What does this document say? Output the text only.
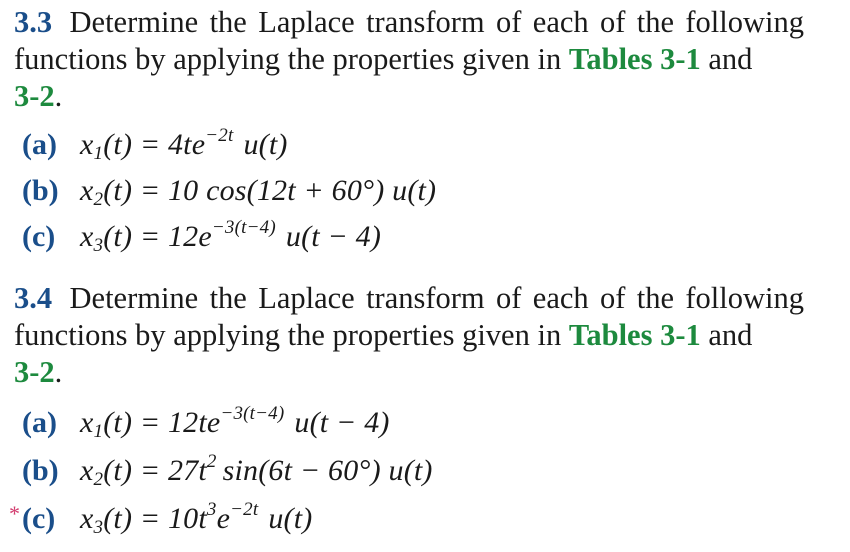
3.3 Determine the Laplace transform of each of the following functions by applying the properties given in Tables 3-1 and
3-2.
(a) $x_1(t) = 4te^{-2t}$ u(t)
(b) $x_2(t) = 10$ cos(12t + 60°) u(t)
(c) $x_3(t) = 12e^{-3(t-4)}$ u(t − 4)
3.4 Determine the Laplace transform of each of the following functions by applying the properties given in Tables 3-1 and
3-2.
(a) $x_1(t) = 12te^{-3(t-4)}$ u(t − 4)
(b) $x_2(t) = 27t^2$ sin(6t − 60°) u(t)
* (c) $x_3(t) = 10t^3e^{-2t}$ u(t)
